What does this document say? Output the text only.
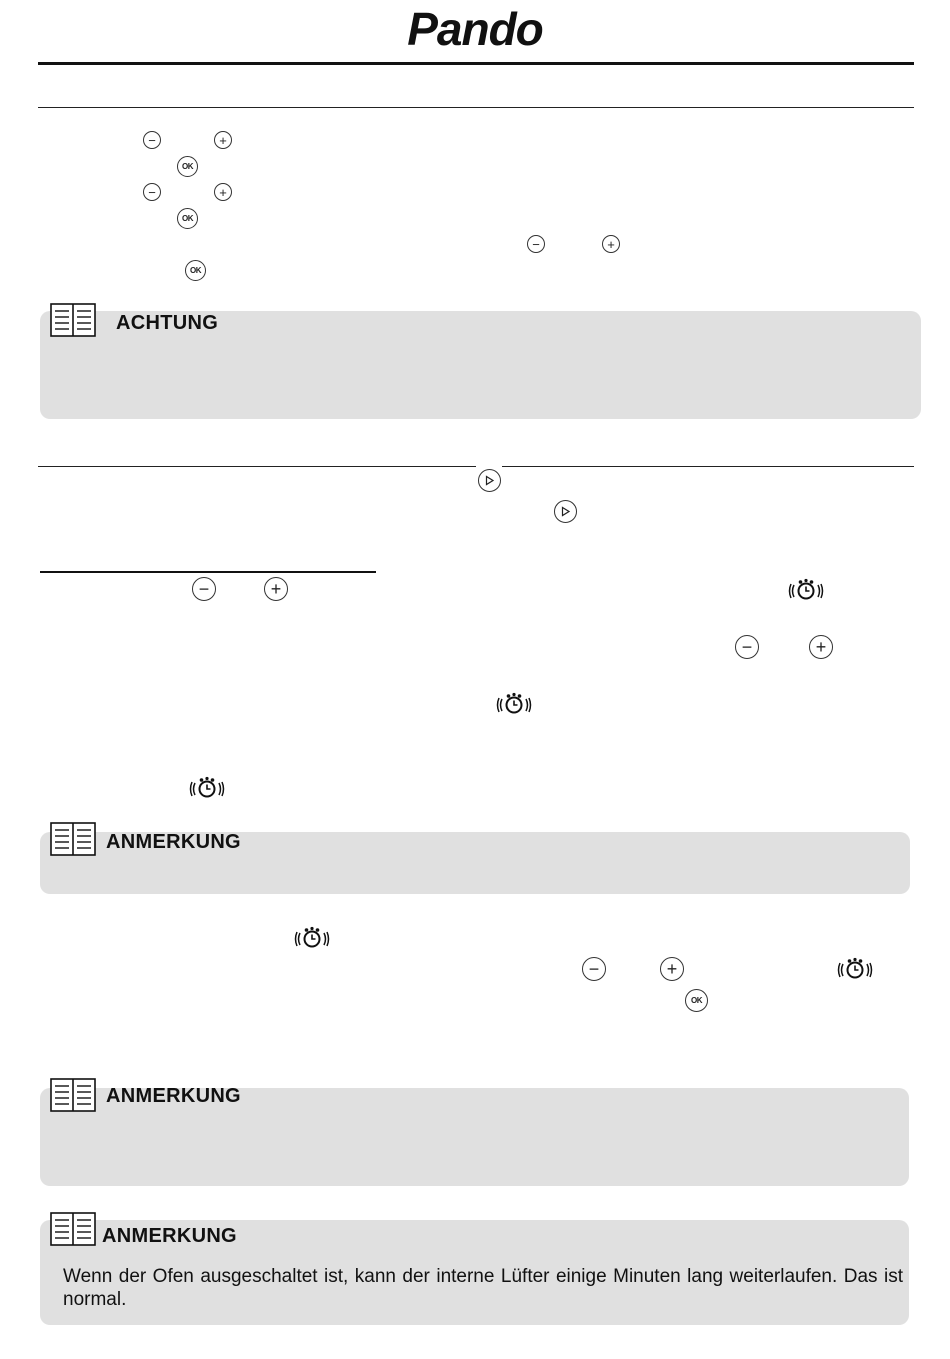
Pando
−	+
OK
−	+
OK
−	+
OK
ACHTUNG
−	+
−	+
ANMERKUNG
−	+
OK
ANMERKUNG
ANMERKUNG
Wenn der Ofen ausgeschaltet ist, kann der interne Lüfter einige Minuten lang weiterlaufen. Das ist normal.
